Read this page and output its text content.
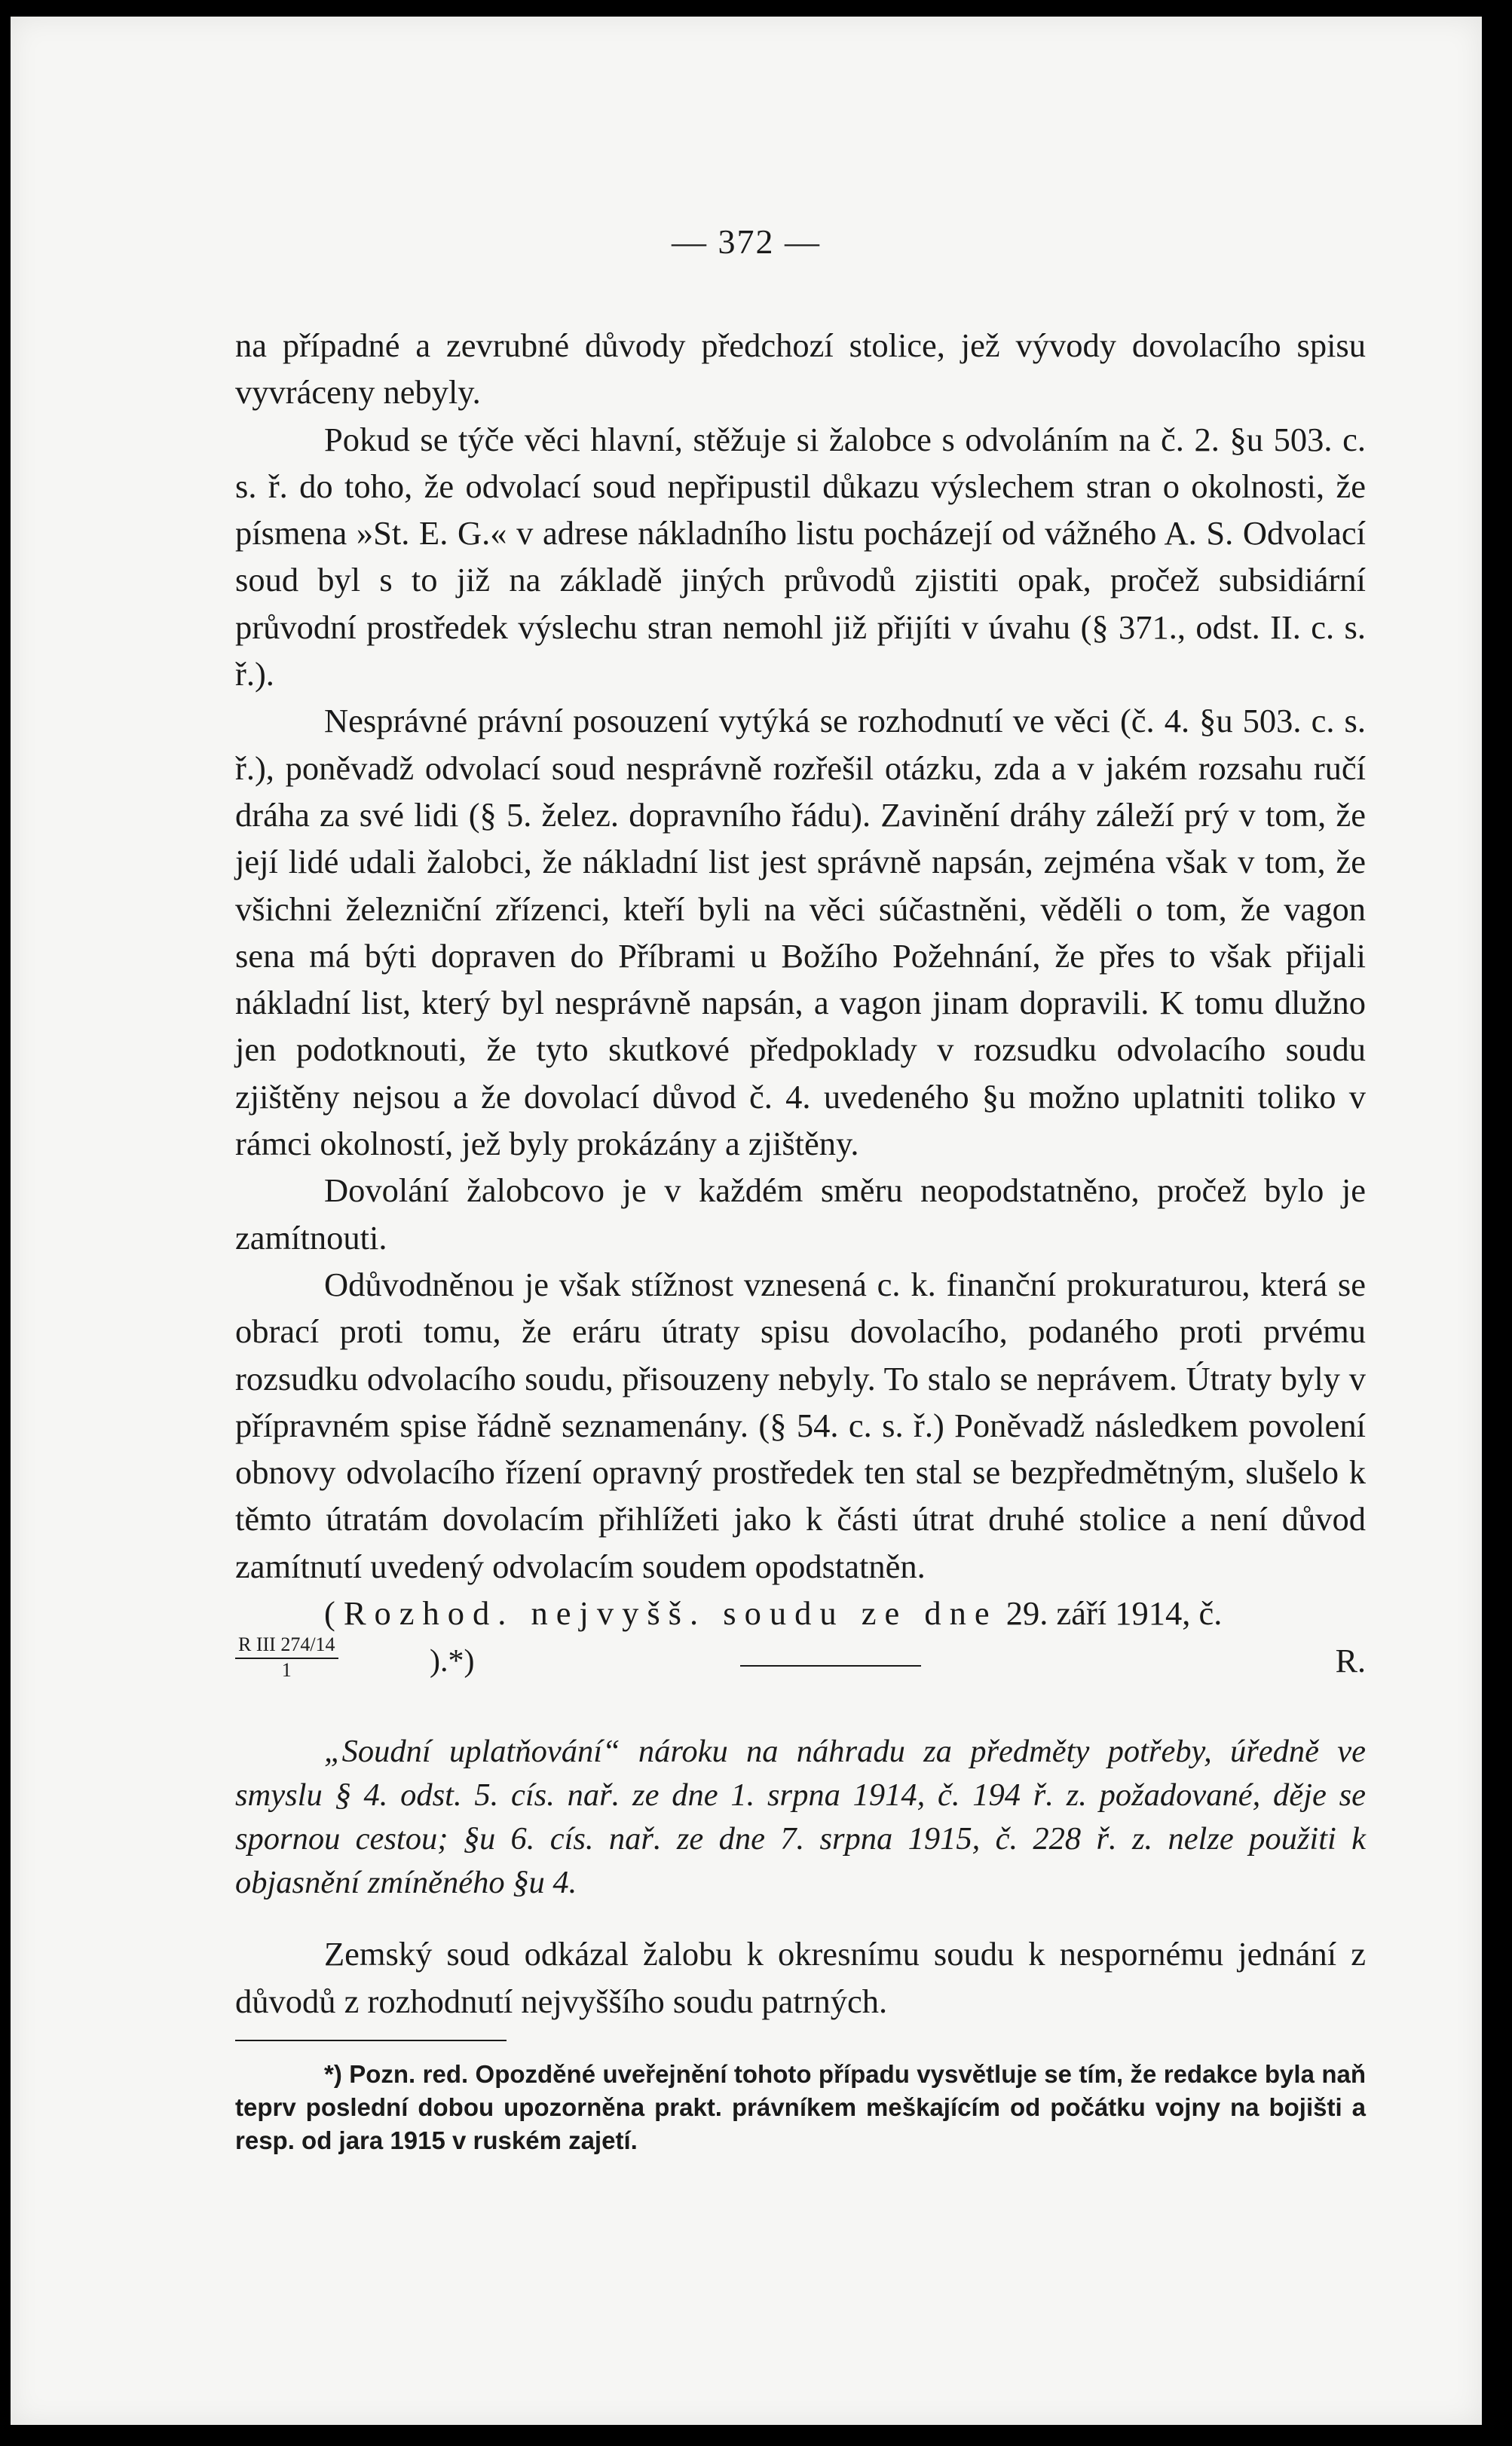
— 372 —

na případné a zevrubné důvody předchozí stolice, jež vývody dovolacího spisu vyvráceny nebyly.

Pokud se týče věci hlavní, stěžuje si žalobce s odvoláním na č. 2. §u 503. c. s. ř. do toho, že odvolací soud nepřipustil důkazu výslechem stran o okolnosti, že písmena »St. E. G.« v adrese nákladního listu pocházejí od vážného A. S. Odvolací soud byl s to již na základě jiných průvodů zjistiti opak, pročež subsidiární průvodní prostředek výslechu stran nemohl již přijíti v úvahu (§ 371., odst. II. c. s. ř.).

Nesprávné právní posouzení vytýká se rozhodnutí ve věci (č. 4. §u 503. c. s. ř.), poněvadž odvolací soud nesprávně rozřešil otázku, zda a v jakém rozsahu ručí dráha za své lidi (§ 5. želez. dopravního řádu). Zavinění dráhy záleží prý v tom, že její lidé udali žalobci, že nákladní list jest správně napsán, zejména však v tom, že všichni železniční zřízenci, kteří byli na věci súčastněni, věděli o tom, že vagon sena má býti dopraven do Příbrami u Božího Požehnání, že přes to však přijali nákladní list, který byl nesprávně napsán, a vagon jinam dopravili. K tomu dlužno jen podotknouti, že tyto skutkové předpoklady v rozsudku odvolacího soudu zjištěny nejsou a že dovolací důvod č. 4. uvedeného §u možno uplatniti toliko v rámci okolností, jež byly prokázány a zjištěny.

Dovolání žalobcovo je v každém směru neopodstatněno, pročež bylo je zamítnouti.

Odůvodněnou je však stížnost vznesená c. k. finanční prokuraturou, která se obrací proti tomu, že eráru útraty spisu dovolacího, podaného proti prvému rozsudku odvolacího soudu, přisouzeny nebyly. To stalo se neprávem. Útraty byly v přípravném spise řádně seznamenány. (§ 54. c. s. ř.) Poněvadž následkem povolení obnovy odvolacího řízení opravný prostředek ten stal se bezpředmětným, slušelo k těmto útratám dovolacím přihlížeti jako k části útrat druhé stolice a není důvod zamítnutí uvedený odvolacím soudem opodstatněn.

(Rozhod. nejvyšš. soudu ze dne 29. září 1914, č.

R III 274/14
1	).*)	R.

„Soudní uplatňování“ nároku na náhradu za předměty potřeby, úředně ve smyslu § 4. odst. 5. cís. nař. ze dne 1. srpna 1914, č. 194 ř. z. požadované, děje se spornou cestou; §u 6. cís. nař. ze dne 7. srpna 1915, č. 228 ř. z. nelze použiti k objasnění zmíněného §u 4.

Zemský soud odkázal žalobu k okresnímu soudu k nespornému jednání z důvodů z rozhodnutí nejvyššího soudu patrných.

*) Pozn. red. Opozděné uveřejnění tohoto případu vysvětluje se tím, že redakce byla naň teprv poslední dobou upozorněna prakt. právníkem meškajícím od počátku vojny na bojišti a resp. od jara 1915 v ruském zajetí.
